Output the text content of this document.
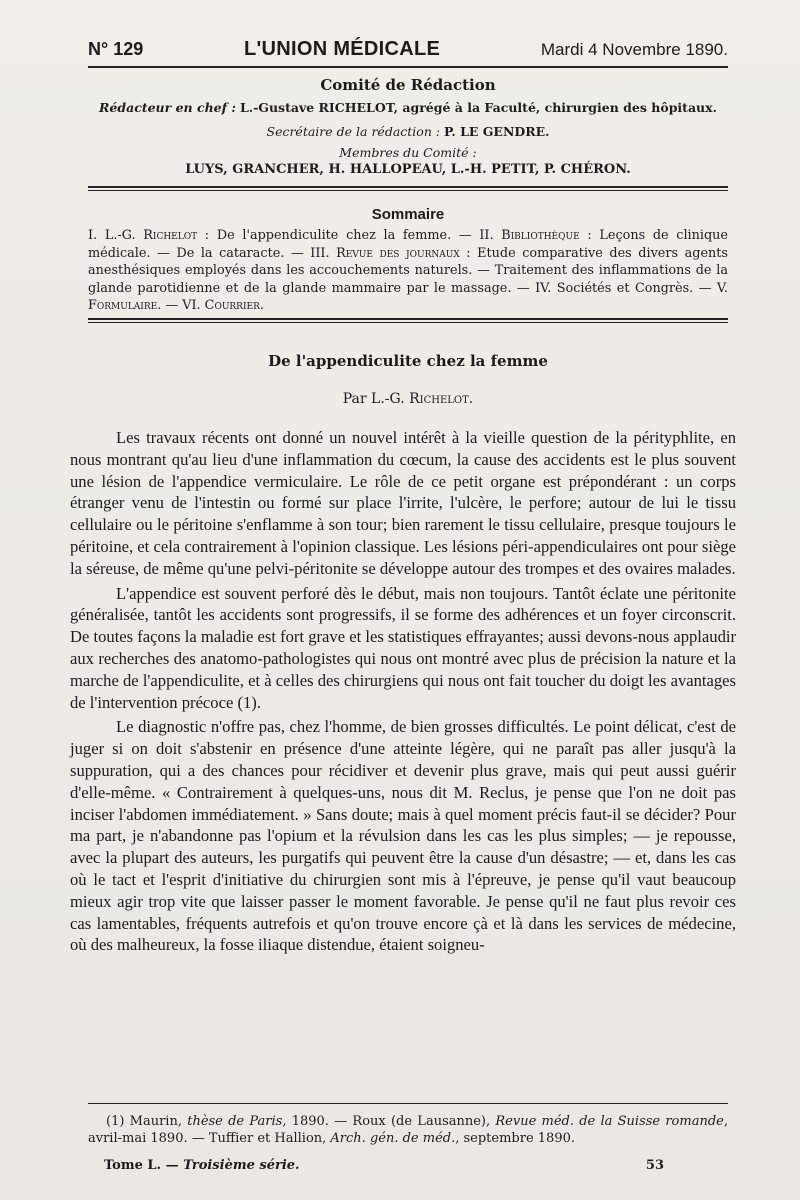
N° 129	L'UNION MÉDICALE	Mardi 4 Novembre 1890.
Comité de Rédaction
Rédacteur en chef : L.-Gustave RICHELOT, agrégé à la Faculté, chirurgien des hôpitaux.
Secrétaire de la rédaction : P. LE GENDRE.
Membres du Comité :
LUYS, GRANCHER, H. HALLOPEAU, L.-H. PETIT, P. CHÉRON.
Sommaire
I. L.-G. Richelot : De l'appendiculite chez la femme. — II. Bibliothèque : Leçons de clinique médicale. — De la cataracte. — III. Revue des journaux : Etude comparative des divers agents anesthésiques employés dans les accouchements naturels. — Traitement des inflammations de la glande parotidienne et de la glande mammaire par le massage. — IV. Sociétés et Congrès. — V. Formulaire. — VI. Courrier.
De l'appendiculite chez la femme
Par L.-G. Richelot.

Les travaux récents ont donné un nouvel intérêt à la vieille question de la pérityphlite, en nous montrant qu'au lieu d'une inflammation du cœcum, la cause des accidents est le plus souvent une lésion de l'appendice vermiculaire. Le rôle de ce petit organe est prépondérant : un corps étranger venu de l'intestin ou formé sur place l'irrite, l'ulcère, le perfore; autour de lui le tissu cellulaire ou le péritoine s'enflamme à son tour; bien rarement le tissu cellulaire, presque toujours le péritoine, et cela contrairement à l'opinion classique. Les lésions péri-appendiculaires ont pour siège la séreuse, de même qu'une pelvi-péritonite se développe autour des trompes et des ovaires malades.

L'appendice est souvent perforé dès le début, mais non toujours. Tantôt éclate une péritonite généralisée, tantôt les accidents sont progressifs, il se forme des adhérences et un foyer circonscrit. De toutes façons la maladie est fort grave et les statistiques effrayantes; aussi devons-nous applaudir aux recherches des anatomo-pathologistes qui nous ont montré avec plus de précision la nature et la marche de l'appendiculite, et à celles des chirurgiens qui nous ont fait toucher du doigt les avantages de l'intervention précoce (1).

Le diagnostic n'offre pas, chez l'homme, de bien grosses difficultés. Le point délicat, c'est de juger si on doit s'abstenir en présence d'une atteinte légère, qui ne paraît pas aller jusqu'à la suppuration, qui a des chances pour récidiver et devenir plus grave, mais qui peut aussi guérir d'elle-même. « Contrairement à quelques-uns, nous dit M. Reclus, je pense que l'on ne doit pas inciser l'abdomen immédiatement. » Sans doute; mais à quel moment précis faut-il se décider? Pour ma part, je n'abandonne pas l'opium et la révulsion dans les cas les plus simples; — je repousse, avec la plupart des auteurs, les purgatifs qui peuvent être la cause d'un désastre; — et, dans les cas où le tact et l'esprit d'initiative du chirurgien sont mis à l'épreuve, je pense qu'il vaut beaucoup mieux agir trop vite que laisser passer le moment favorable. Je pense qu'il ne faut plus revoir ces cas lamentables, fréquents autrefois et qu'on trouve encore çà et là dans les services de médecine, où des malheureux, la fosse iliaque distendue, étaient soigneu-

(1) Maurin, thèse de Paris, 1890. — Roux (de Lausanne), Revue méd. de la Suisse romande, avril-mai 1890. — Tuffier et Hallion, Arch. gén. de méd., septembre 1890.
Tome L. — Troisième série.	53
